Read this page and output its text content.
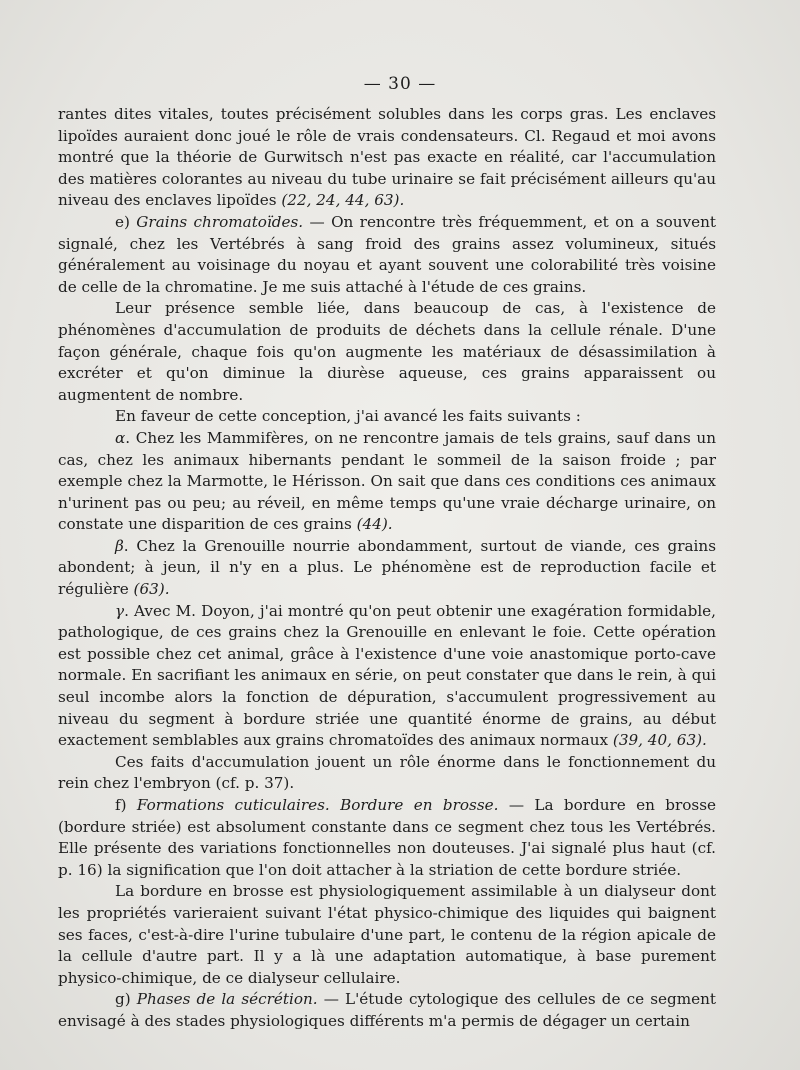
— 30 —

rantes dites vitales, toutes précisément solubles dans les corps gras. Les enclaves lipoïdes auraient donc joué le rôle de vrais condensateurs. Cl. Regaud et moi avons montré que la théorie de Gurwitsch n'est pas exacte en réalité, car l'accumulation des matières colorantes au niveau du tube urinaire se fait précisément ailleurs qu'au niveau des enclaves lipoïdes (22, 24, 44, 63).

e) Grains chromatoïdes. — On rencontre très fréquemment, et on a souvent signalé, chez les Vertébrés à sang froid des grains assez volumineux, situés généralement au voisinage du noyau et ayant souvent une colorabilité très voisine de celle de la chromatine. Je me suis attaché à l'étude de ces grains.

Leur présence semble liée, dans beaucoup de cas, à l'existence de phénomènes d'accumulation de produits de déchets dans la cellule rénale. D'une façon générale, chaque fois qu'on augmente les matériaux de désassimilation à excréter et qu'on diminue la diurèse aqueuse, ces grains apparaissent ou augmentent de nombre.

En faveur de cette conception, j'ai avancé les faits suivants :

α. Chez les Mammifères, on ne rencontre jamais de tels grains, sauf dans un cas, chez les animaux hibernants pendant le sommeil de la saison froide ; par exemple chez la Marmotte, le Hérisson. On sait que dans ces conditions ces animaux n'urinent pas ou peu; au réveil, en même temps qu'une vraie décharge urinaire, on constate une disparition de ces grains (44).

β. Chez la Grenouille nourrie abondamment, surtout de viande, ces grains abondent; à jeun, il n'y en a plus. Le phénomène est de reproduction facile et régulière (63).

γ. Avec M. Doyon, j'ai montré qu'on peut obtenir une exagération formidable, pathologique, de ces grains chez la Grenouille en enlevant le foie. Cette opération est possible chez cet animal, grâce à l'existence d'une voie anastomique porto-cave normale. En sacrifiant les animaux en série, on peut constater que dans le rein, à qui seul incombe alors la fonction de dépuration, s'accumulent progressivement au niveau du segment à bordure striée une quantité énorme de grains, au début exactement semblables aux grains chromatoïdes des animaux normaux (39, 40, 63).

Ces faits d'accumulation jouent un rôle énorme dans le fonctionnement du rein chez l'embryon (cf. p. 37).

f) Formations cuticulaires. Bordure en brosse. — La bordure en brosse (bordure striée) est absolument constante dans ce segment chez tous les Vertébrés. Elle présente des variations fonctionnelles non douteuses. J'ai signalé plus haut (cf. p. 16) la signification que l'on doit attacher à la striation de cette bordure striée.

La bordure en brosse est physiologiquement assimilable à un dialyseur dont les propriétés varieraient suivant l'état physico-chimique des liquides qui baignent ses faces, c'est-à-dire l'urine tubulaire d'une part, le contenu de la région apicale de la cellule d'autre part. Il y a là une adaptation automatique, à base purement physico-chimique, de ce dialyseur cellulaire.

g) Phases de la sécrétion. — L'étude cytologique des cellules de ce segment envisagé à des stades physiologiques différents m'a permis de dégager un certain
